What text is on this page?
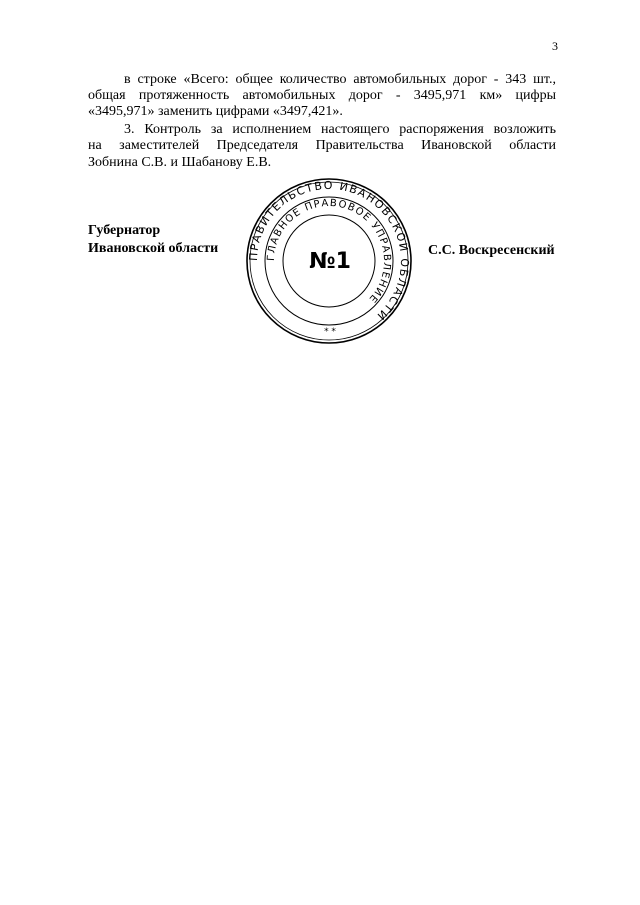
3
в строке «Всего: общее количество автомобильных дорог - 343 шт.,
общая протяженность автомобильных дорог - 3495,971 км» цифры
«3495,971» заменить цифрами «3497,421».
3. Контроль за исполнением настоящего распоряжения возложить
на заместителей Председателя Правительства Ивановской области
Зобнина С.В. и Шабанову Е.В.
Губернатор
Ивановской области	ПРАВИТЕЛЬСТВО ИВАНОВСКОЙ ОБЛАСТИ
ГЛАВНОЕ ПРАВОВОЕ УПРАВЛЕНИЕ
№1
* *
С.С. Воскресенский
